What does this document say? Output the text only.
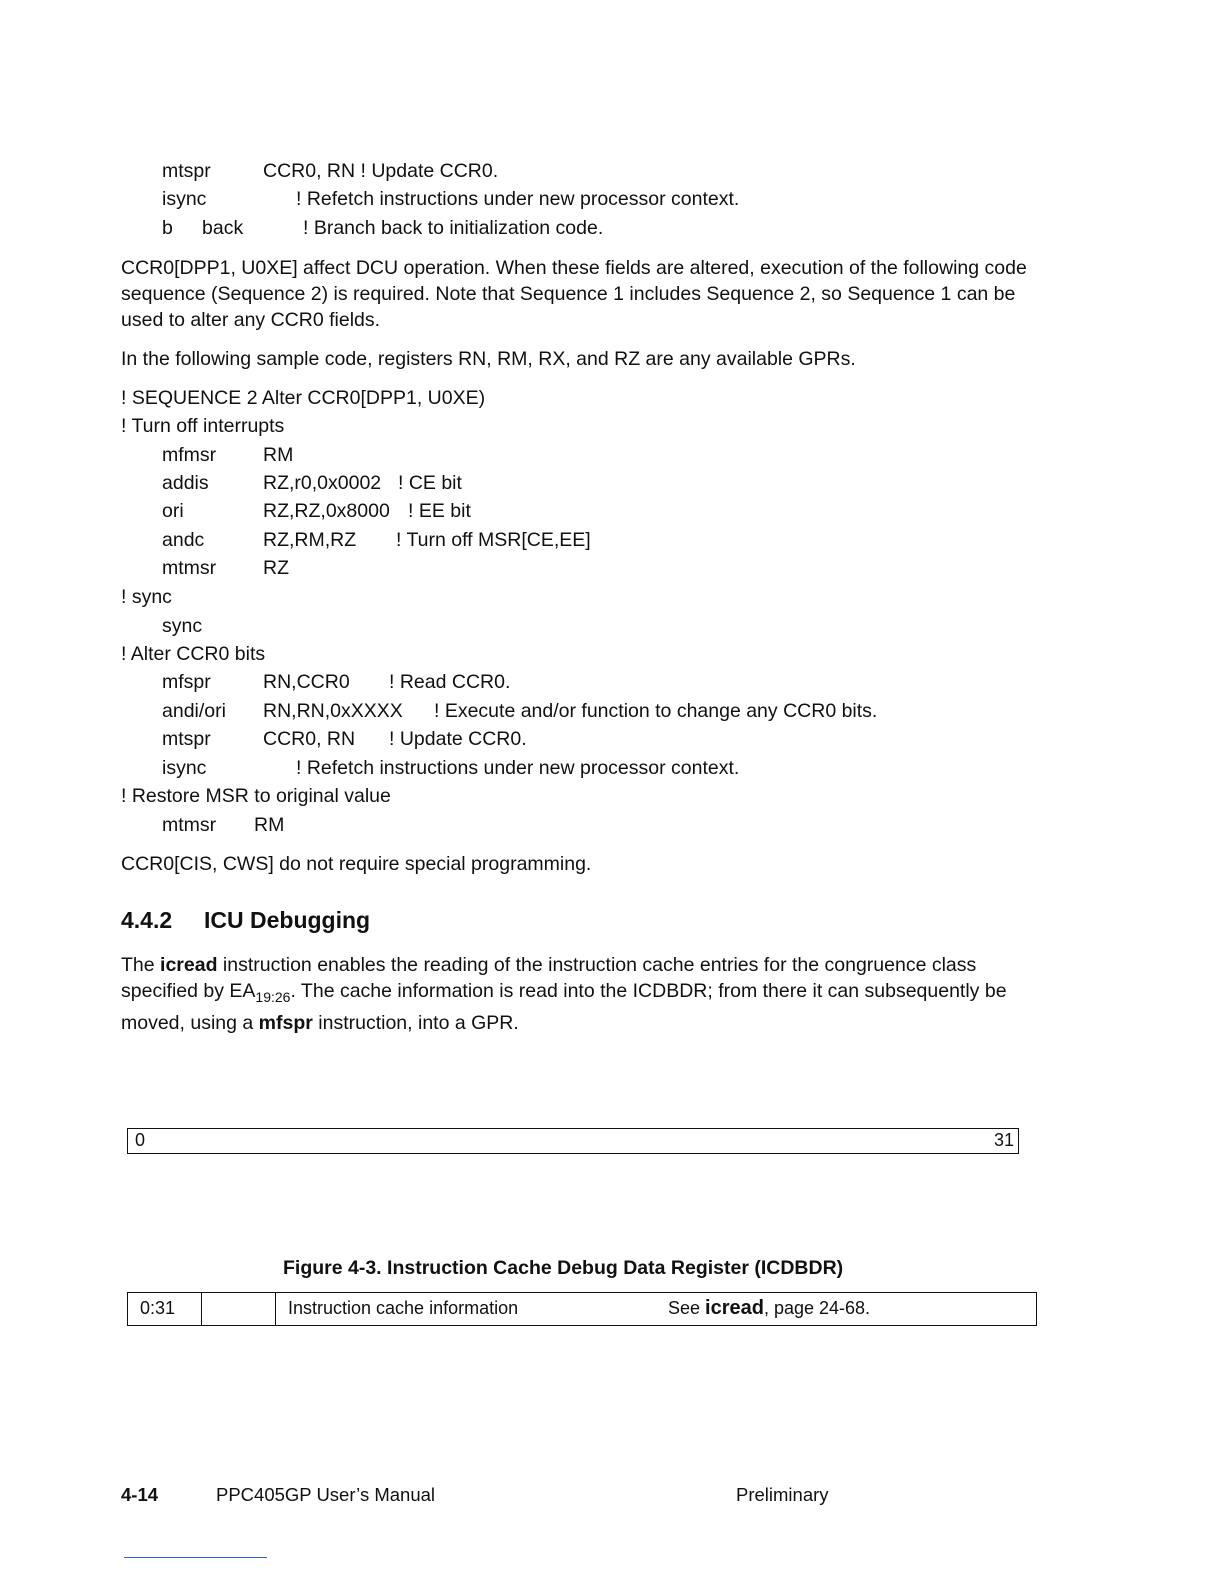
mtspr	CCR0, RN ! Update CCR0.
isync	! Refetch instructions under new processor context.
b back	! Branch back to initialization code.

CCR0[DPP1, U0XE] affect DCU operation. When these fields are altered, execution of the following code sequence (Sequence 2) is required. Note that Sequence 1 includes Sequence 2, so Sequence 1 can be used to alter any CCR0 fields.

In the following sample code, registers RN, RM, RX, and RZ are any available GPRs.

! SEQUENCE 2 Alter CCR0[DPP1, U0XE)
! Turn off interrupts
mfmsr RM
addis	RZ,r0,0x0002 ! CE bit
ori	RZ,RZ,0x8000 ! EE bit
andc	RZ,RM,RZ ! Turn off MSR[CE,EE]
mtmsr RZ
! sync
sync
! Alter CCR0 bits
mfspr	RN,CCR0 ! Read CCR0.
andi/ori RN,RN,0xXXXX ! Execute and/or function to change any CCR0 bits.
mtspr	CCR0, RN ! Update CCR0.
isync	! Refetch instructions under new processor context.
! Restore MSR to original value
mtmsr RM

CCR0[CIS, CWS] do not require special programming.

4.4.2 ICU Debugging

The icread instruction enables the reading of the instruction cache entries for the congruence class specified by $EA_{19:26}$. The cache information is read into the ICDBDR; from there it can subsequently be moved, using a mfspr instruction, into a GPR.

0	31
Figure 4-3. Instruction Cache Debug Data Register (ICDBDR)
0:31	Instruction cache information	See icread, page 24-68.
4-14	PPC405GP User’s Manual	Preliminary
